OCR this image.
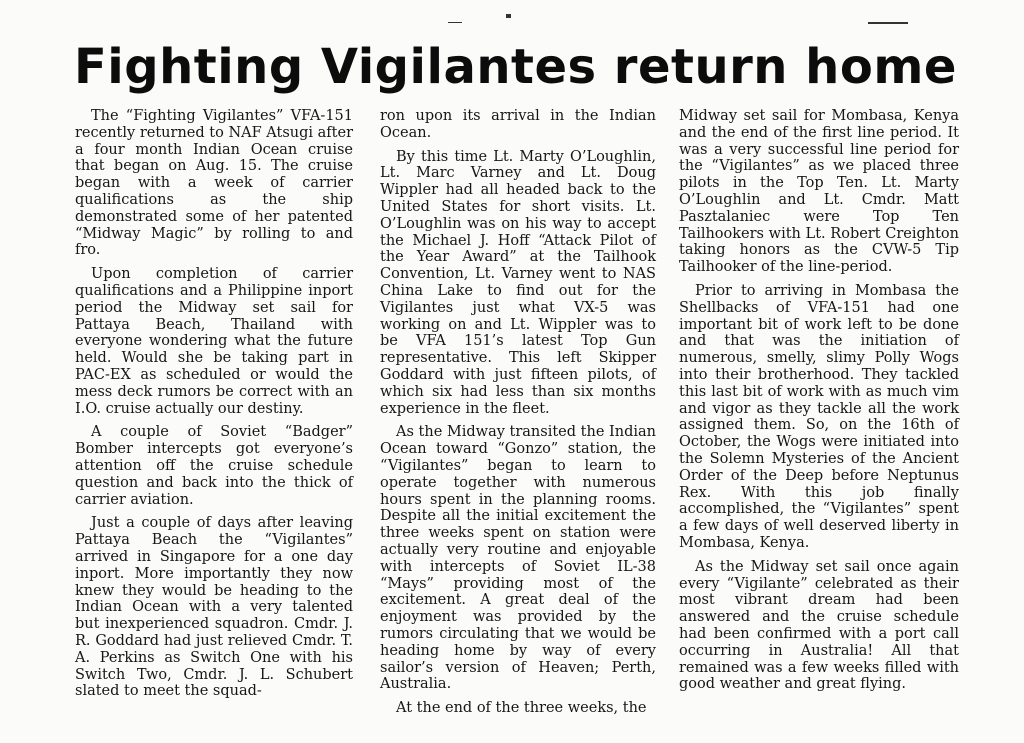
Fighting Vigilantes return home

The “Fighting Vigilantes” VFA-151 recently returned to NAF Atsugi after a four month Indian Ocean cruise that began on Aug. 15. The cruise began with a week of carrier qualifications as the ship demonstrated some of her patented “Midway Magic” by rolling to and fro.

Upon completion of carrier qualifications and a Philippine inport period the Midway set sail for Pattaya Beach, Thailand with everyone wondering what the future held. Would she be taking part in PAC-EX as scheduled or would the mess deck rumors be correct with an I.O. cruise actually our destiny.

A couple of Soviet “Badger” Bomber intercepts got everyone’s attention off the cruise schedule question and back into the thick of carrier aviation.

Just a couple of days after leaving Pattaya Beach the “Vigilantes” arrived in Singapore for a one day inport. More importantly they now knew they would be heading to the Indian Ocean with a very talented but inexperienced squadron. Cmdr. J. R. Goddard had just relieved Cmdr. T. A. Perkins as Switch One with his Switch Two, Cmdr. J. L. Schubert slated to meet the squad-

ron upon its arrival in the Indian Ocean.

By this time Lt. Marty O’Loughlin, Lt. Marc Varney and Lt. Doug Wippler had all headed back to the United States for short visits. Lt. O’Loughlin was on his way to accept the Michael J. Hoff “Attack Pilot of the Year Award” at the Tailhook Convention, Lt. Varney went to NAS China Lake to find out for the Vigilantes just what VX-5 was working on and Lt. Wippler was to be VFA 151’s latest Top Gun representative. This left Skipper Goddard with just fifteen pilots, of which six had less than six months experience in the fleet.

As the Midway transited the Indian Ocean toward “Gonzo” station, the “Vigilantes” began to learn to operate together with numerous hours spent in the planning rooms. Despite all the initial excitement the three weeks spent on station were actually very routine and enjoyable with intercepts of Soviet IL-38 “Mays” providing most of the excitement. A great deal of the enjoyment was provided by the rumors circulating that we would be heading home by way of every sailor’s version of Heaven; Perth, Australia.

At the end of the three weeks, the

Midway set sail for Mombasa, Kenya and the end of the first line period. It was a very successful line period for the “Vigilantes” as we placed three pilots in the Top Ten. Lt. Marty O’Loughlin and Lt. Cmdr. Matt Pasztalaniec were Top Ten Tailhookers with Lt. Robert Creighton taking honors as the CVW-5 Tip Tailhooker of the line-period.

Prior to arriving in Mombasa the Shellbacks of VFA-151 had one important bit of work left to be done and that was the initiation of numerous, smelly, slimy Polly Wogs into their brotherhood. They tackled this last bit of work with as much vim and vigor as they tackle all the work assigned them. So, on the 16th of October, the Wogs were initiated into the Solemn Mysteries of the Ancient Order of the Deep before Neptunus Rex. With this job finally accomplished, the “Vigilantes” spent a few days of well deserved liberty in Mombasa, Kenya.

As the Midway set sail once again every “Vigilante” celebrated as their most vibrant dream had been answered and the cruise schedule had been confirmed with a port call occurring in Australia! All that remained was a few weeks filled with good weather and great flying.
